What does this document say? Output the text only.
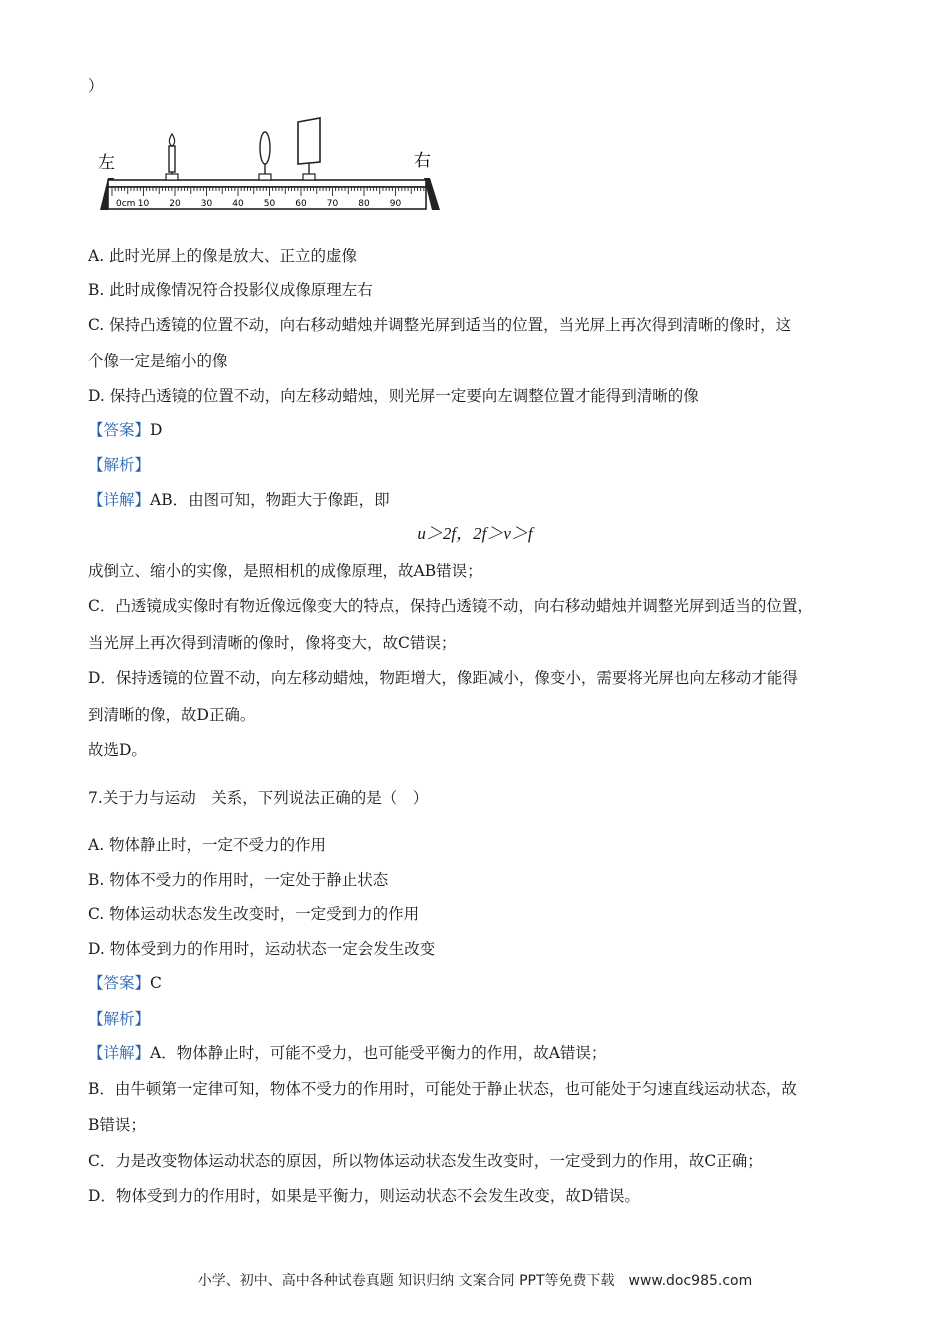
）
左	右
0cm 10 20 30 40 50 60 70 80 90
A. 此时光屏上的像是放大、正立的虚像
B. 此时成像情况符合投影仪成像原理左右
C. 保持凸透镜的位置不动，向右移动蜡烛并调整光屏到适当的位置，当光屏上再次得到清晰的像时，这
个像一定是缩小的像
D. 保持凸透镜的位置不动，向左移动蜡烛，则光屏一定要向左调整位置才能得到清晰的像
【答案】D
【解析】
【详解】AB．由图可知，物距大于像距，即
u＞2f，2f＞v＞f
成倒立、缩小的实像，是照相机的成像原理，故AB错误；
C．凸透镜成实像时有物近像远像变大的特点，保持凸透镜不动，向右移动蜡烛并调整光屏到适当的位置，
当光屏上再次得到清晰的像时，像将变大，故C错误；
D．保持透镜的位置不动，向左移动蜡烛，物距增大，像距减小，像变小，需要将光屏也向左移动才能得
到清晰的像，故D正确。
故选D。
7.关于力与运动　关系，下列说法正确的是（　）
A. 物体静止时，一定不受力的作用
B. 物体不受力的作用时，一定处于静止状态
C. 物体运动状态发生改变时，一定受到力的作用
D. 物体受到力的作用时，运动状态一定会发生改变
【答案】C
【解析】
【详解】A．物体静止时，可能不受力，也可能受平衡力的作用，故A错误；
B．由牛顿第一定律可知，物体不受力的作用时，可能处于静止状态，也可能处于匀速直线运动状态，故
B错误；
C．力是改变物体运动状态的原因，所以物体运动状态发生改变时，一定受到力的作用，故C正确；
D．物体受到力的作用时，如果是平衡力，则运动状态不会发生改变，故D错误。
小学、初中、高中各种试卷真题 知识归纳 文案合同 PPT等免费下载　www.doc985.com
